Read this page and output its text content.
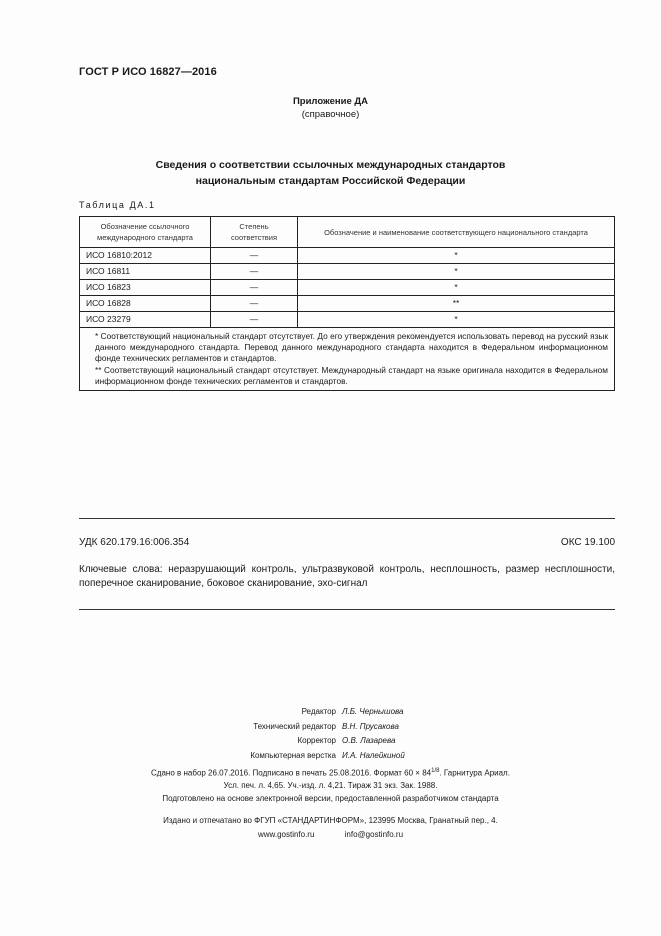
ГОСТ Р ИСО 16827—2016
Приложение ДА
(справочное)
Сведения о соответствии ссылочных международных стандартов
национальным стандартам Российской Федерации
Таблица ДА.1
Обозначение ссылочного международного стандарта	Степень соответствия	Обозначение и наименование соответствующего национального стандарта
ИСО 16810:2012	—	*
ИСО 16811	—	*
ИСО 16823	—	*
ИСО 16828	—	**
ИСО 23279	—	*

* Соответствующий национальный стандарт отсутствует. До его утверждения рекомендуется использовать перевод на русский язык данного международного стандарта. Перевод данного международного стандарта находится в Федеральном информационном фонде технических регламентов и стандартов.

** Соответствующий национальный стандарт отсутствует. Международный стандарт на языке оригинала находится в Федеральном информационном фонде технических регламентов и стандартов.		

УДК 620.179.16:006.354	ОКС 19.100
Ключевые слова: неразрушающий контроль, ультразвуковой контроль, несплошность, размер несплошности, поперечное сканирование, боковое сканирование, эхо-сигнал
Редактор Л.Б. Чернышова
Технический редактор В.Н. Прусакова
Корректор О.В. Лазарева
Компьютерная верстка И.А. Налейкиной
Сдано в набор 26.07.2016. Подписано в печать 25.08.2016. Формат $60 \times 84^{1/8}$. Гарнитура Ариал.
Усл. печ. л. 4,65. Уч.-изд. л. 4,21. Тираж 31 экз. Зак. 1988.
Подготовлено на основе электронной версии, предоставленной разработчиком стандарта
Издано и отпечатано во ФГУП «СТАНДАРТИНФОРМ», 123995 Москва, Гранатный пер., 4.
www.gostinfo.ru	info@gostinfo.ru
